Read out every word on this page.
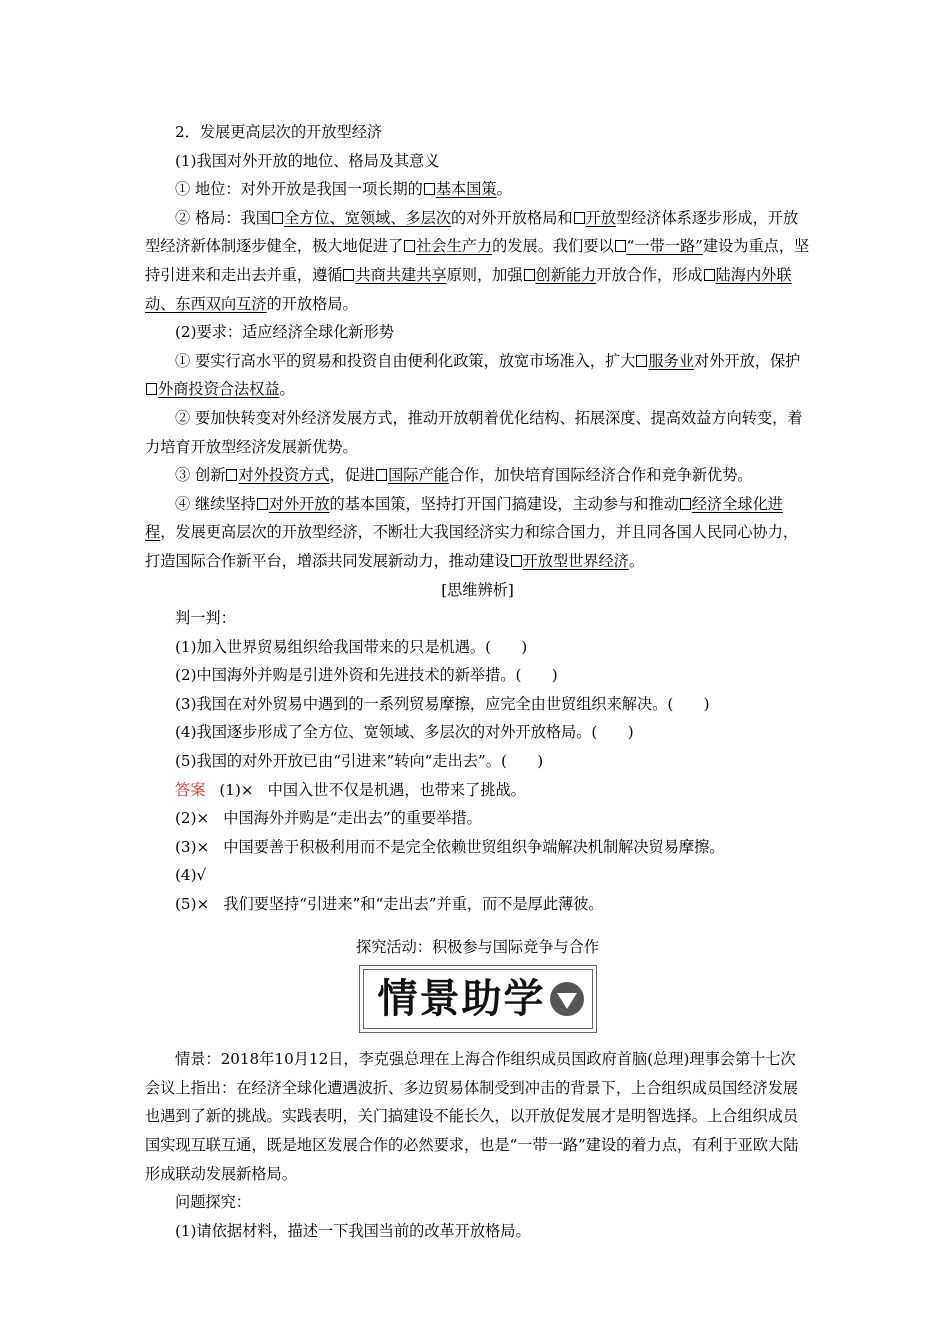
2．发展更高层次的开放型经济

(1)我国对外开放的地位、格局及其意义

① 地位：对外开放是我国一项长期的 基本国策。

② 格局：我国 全方位、宽领域、多层次的对外开放格局和 开放型经济体系逐步形成，开放型经济新体制逐步健全，极大地促进了 社会生产力的发展。我们要以 “一带一路”建设为重点，坚持引进来和走出去并重，遵循 共商共建共享原则，加强 创新能力开放合作，形成 陆海内外联动、东西双向互济的开放格局。

(2)要求：适应经济全球化新形势

① 要实行高水平的贸易和投资自由便利化政策，放宽市场准入，扩大 服务业对外开放，保护外商投资合法权益。

② 要加快转变对外经济发展方式，推动开放朝着优化结构、拓展深度、提高效益方向转变，着力培育开放型经济发展新优势。

③ 创新 对外投资方式，促进 国际产能合作，加快培育国际经济合作和竞争新优势。

④ 继续坚持 对外开放的基本国策，坚持打开国门搞建设，主动参与和推动 经济全球化进程，发展更高层次的开放型经济，不断壮大我国经济实力和综合国力，并且同各国人民同心协力，打造国际合作新平台，增添共同发展新动力，推动建设 开放型世界经济。

[思维辨析]

判一判：

(1)加入世界贸易组织给我国带来的只是机遇。(　　)

(2)中国海外并购是引进外资和先进技术的新举措。(　　)

(3)我国在对外贸易中遇到的一系列贸易摩擦，应完全由世贸组织来解决。(　　)

(4)我国逐步形成了全方位、宽领域、多层次的对外开放格局。(　　)

(5)我国的对外开放已由“引进来”转向“走出去”。(　　)

答案 (1)× 中国入世不仅是机遇，也带来了挑战。

(2)× 中国海外并购是“走出去”的重要举措。

(3)× 中国要善于积极利用而不是完全依赖世贸组织争端解决机制解决贸易摩擦。

(4)√

(5)× 我们要坚持“引进来”和“走出去”并重，而不是厚此薄彼。

探究活动：积极参与国际竞争与合作

情景助学

情景：2018年10月12日，李克强总理在上海合作组织成员国政府首脑(总理)理事会第十七次会议上指出：在经济全球化遭遇波折、多边贸易体制受到冲击的背景下，上合组织成员国经济发展也遇到了新的挑战。实践表明，关门搞建设不能长久，以开放促发展才是明智选择。上合组织成员国实现互联互通，既是地区发展合作的必然要求，也是“一带一路”建设的着力点，有利于亚欧大陆形成联动发展新格局。

问题探究：

(1)请依据材料，描述一下我国当前的改革开放格局。
